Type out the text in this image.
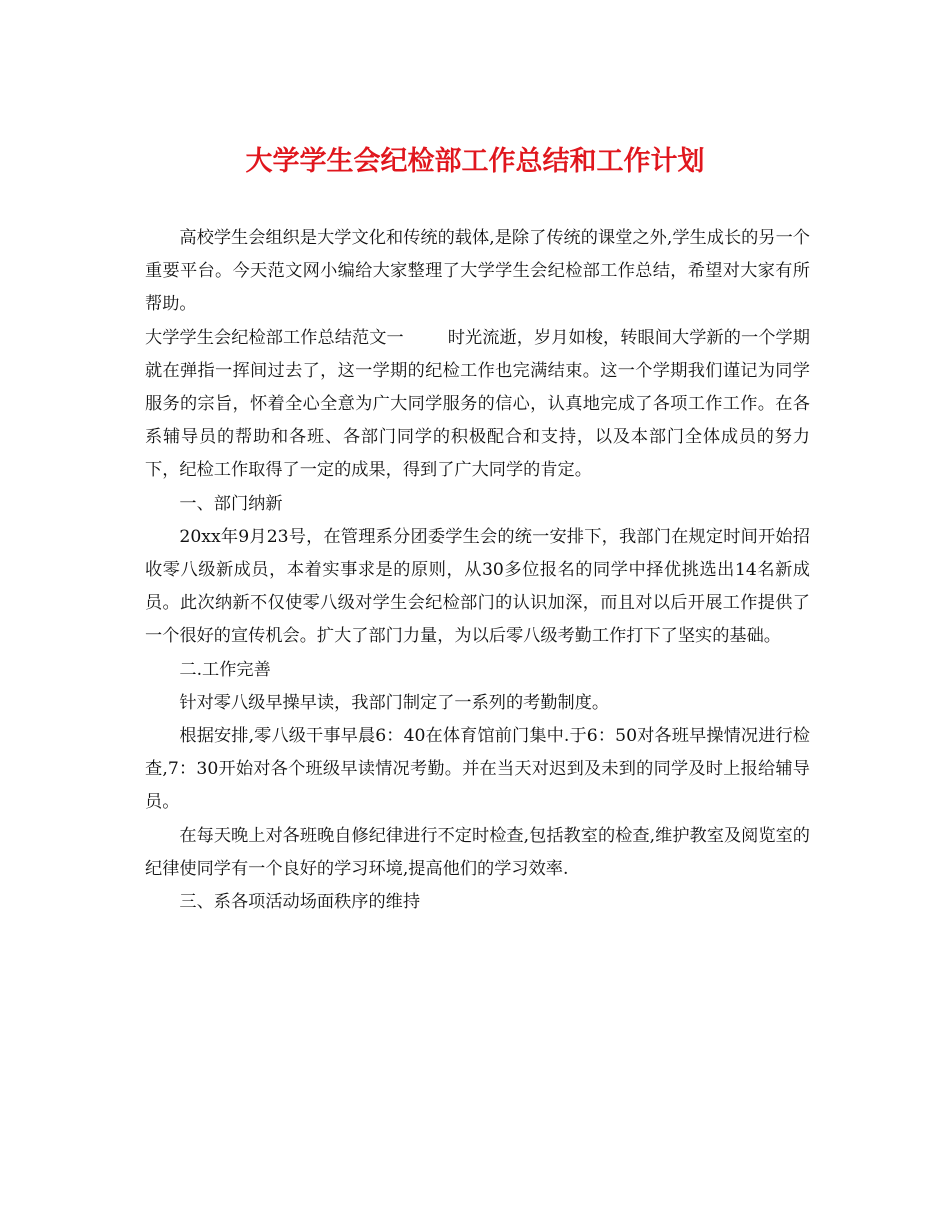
大学学生会纪检部工作总结和工作计划

高校学生会组织是大学文化和传统的载体,是除了传统的课堂之外,学生成长的另一个重要平台。今天范文网小编给大家整理了大学学生会纪检部工作总结，希望对大家有所帮助。

大学学生会纪检部工作总结范文一	时光流逝，岁月如梭，转眼间大学新的一个学期就在弹指一挥间过去了，这一学期的纪检工作也完满结束。这一个学期我们谨记为同学服务的宗旨，怀着全心全意为广大同学服务的信心，认真地完成了各项工作工作。在各系辅导员的帮助和各班、各部门同学的积极配合和支持，以及本部门全体成员的努力下，纪检工作取得了一定的成果，得到了广大同学的肯定。

一、部门纳新

20xx年9月23号，在管理系分团委学生会的统一安排下，我部门在规定时间开始招收零八级新成员，本着实事求是的原则，从30多位报名的同学中择优挑选出14名新成员。此次纳新不仅使零八级对学生会纪检部门的认识加深，而且对以后开展工作提供了一个很好的宣传机会。扩大了部门力量，为以后零八级考勤工作打下了坚实的基础。

二.工作完善

针对零八级早操早读，我部门制定了一系列的考勤制度。

根据安排,零八级干事早晨6：40在体育馆前门集中.于6：50对各班早操情况进行检查,7：30开始对各个班级早读情况考勤。并在当天对迟到及未到的同学及时上报给辅导员。

在每天晚上对各班晚自修纪律进行不定时检查,包括教室的检查,维护教室及阅览室的纪律使同学有一个良好的学习环境,提高他们的学习效率.

三、系各项活动场面秩序的维持
